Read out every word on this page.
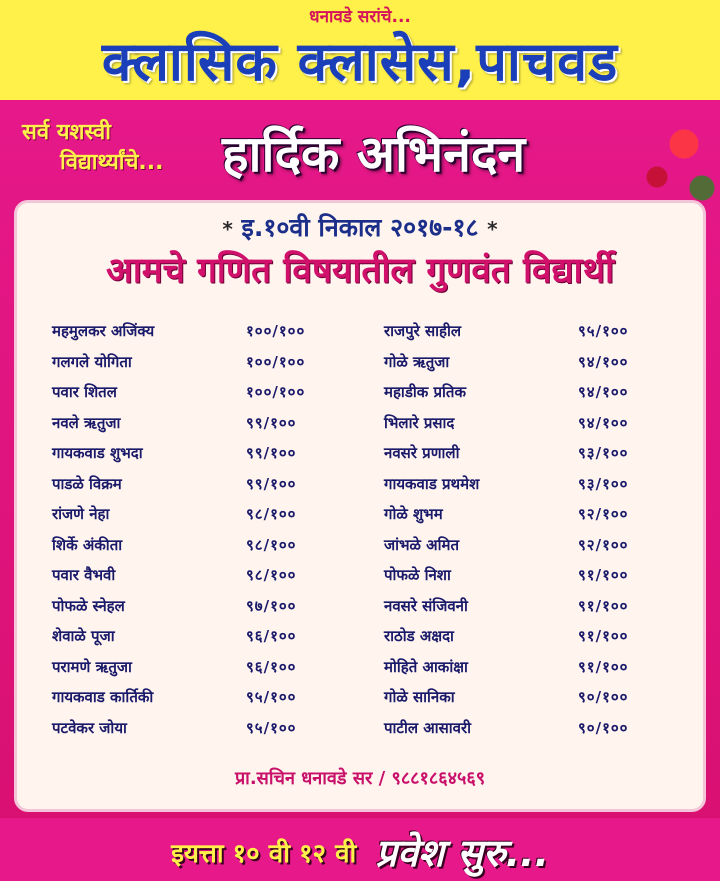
धनावडे सरांचे...
क्लासिक क्लासेस,पाचवड
सर्व यशस्वी
विद्यार्थ्यांचे... हार्दिक अभिनंदन
* इ.१०वी निकाल २०१७-१८ *
आमचे गणित विषयातील गुणवंत विद्यार्थी
महमुलकर अजिंक्य	१००/१००
गलगले योगिता	१००/१००
पवार शितल	१००/१००
नवले ऋतुजा	९९/१००
गायकवाड शुभदा	९९/१००
पाडळे विक्रम	९९/१००
रांजणे नेहा	९८/१००
शिर्के अंकीता	९८/१००
पवार वैभवी	९८/१००
पोफळे स्नेहल	९७/१००
शेवाळे पूजा	९६/१००
परामणे ऋतुजा	९६/१००
गायकवाड कार्तिकी	९५/१००
पटवेकर जोया	९५/१००
राजपुरे साहील	९५/१००
गोळे ऋतुजा	९४/१००
महाडीक प्रतिक	९४/१००
भिलारे प्रसाद	९४/१००
नवसरे प्रणाली	९३/१००
गायकवाड प्रथमेश	९३/१००
गोळे शुभम	९२/१००
जांभळे अमित	९२/१००
पोफळे निशा	९१/१००
नवसरे संजिवनी	९१/१००
राठोड अक्षदा	९१/१००
मोहिते आकांक्षा	९१/१००
गोळे सानिका	९०/१००
पाटील आसावरी	९०/१००
प्रा.सचिन धनावडे सर / ९८८१८६४५६९
इयत्ता १० वी १२ वी प्रवेश सुरु...
